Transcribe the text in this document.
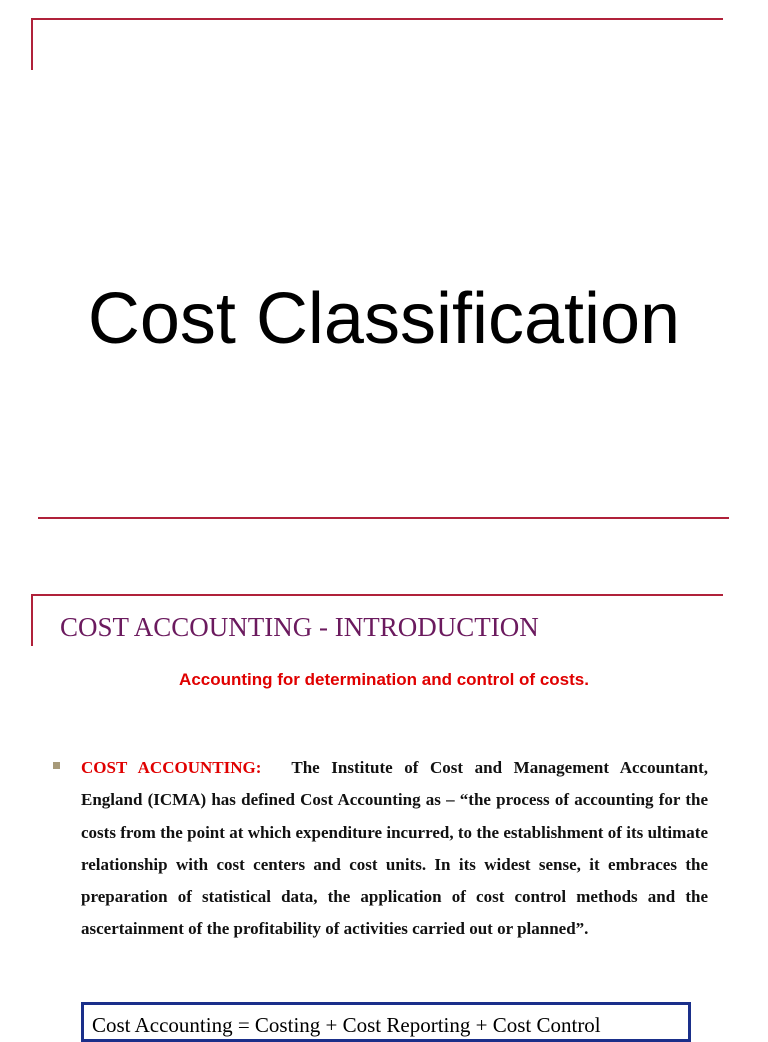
Cost Classification
COST ACCOUNTING - INTRODUCTION
Accounting for determination and control of costs.
COST ACCOUNTING: The Institute of Cost and Management Accountant, England (ICMA) has defined Cost Accounting as – “the process of accounting for the costs from the point at which expenditure incurred, to the establishment of its ultimate relationship with cost centers and cost units. In its widest sense, it embraces the preparation of statistical data, the application of cost control methods and the ascertainment of the profitability of activities carried out or planned”.
Cost Accounting = Costing + Cost Reporting + Cost Control
